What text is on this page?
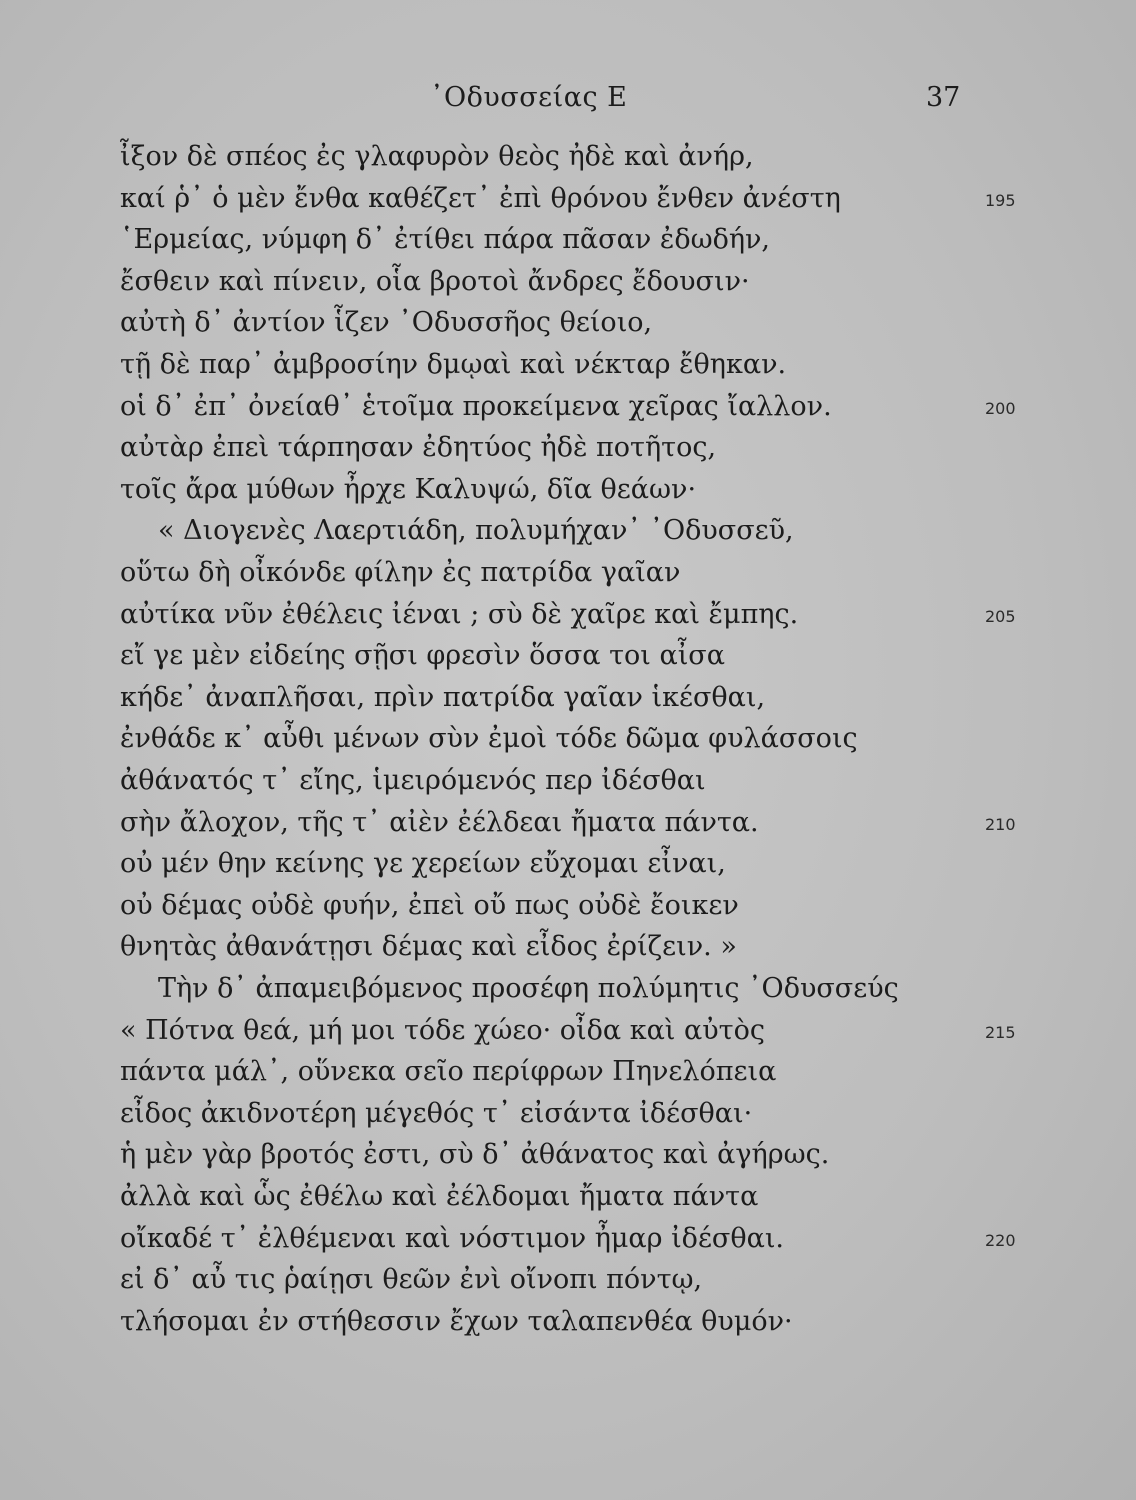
᾿Οδυσσείας Ε	37
ἶξον δὲ σπέος ἐς γλαφυρὸν θεὸς ἠδὲ καὶ ἀνήρ,
καί ῥ᾿ ὁ μὲν ἔνθα καθέζετ᾿ ἐπὶ θρόνου ἔνθεν ἀνέστη	195
῾Ερμείας, νύμφη δ᾿ ἐτίθει πάρα πᾶσαν ἐδωδήν,
ἔσθειν καὶ πίνειν, οἷα βροτοὶ ἄνδρες ἔδουσιν·
αὐτὴ δ᾿ ἀντίον ἷζεν ᾿Οδυσσῆος θείοιο,
τῇ δὲ παρ᾿ ἀμβροσίην δμῳαὶ καὶ νέκταρ ἔθηκαν.
οἱ δ᾿ ἐπ᾿ ὀνείαθ᾿ ἑτοῖμα προκείμενα χεῖρας ἴαλλον.	200
αὐτὰρ ἐπεὶ τάρπησαν ἐδητύος ἠδὲ ποτῆτος,
τοῖς ἄρα μύθων ἦρχε Καλυψώ, δῖα θεάων·
« Διογενὲς Λαερτιάδη, πολυμήχαν᾿ ᾿Οδυσσεῦ,
οὕτω δὴ οἶκόνδε φίλην ἐς πατρίδα γαῖαν
αὐτίκα νῦν ἐθέλεις ἰέναι ; σὺ δὲ χαῖρε καὶ ἔμπης.	205
εἴ γε μὲν εἰδείης σῇσι φρεσὶν ὅσσα τοι αἶσα
κήδε᾿ ἀναπλῆσαι, πρὶν πατρίδα γαῖαν ἱκέσθαι,
ἐνθάδε κ᾿ αὖθι μένων σὺν ἐμοὶ τόδε δῶμα φυλάσσοις
ἀθάνατός τ᾿ εἴης, ἱμειρόμενός περ ἰδέσθαι
σὴν ἄλοχον, τῆς τ᾿ αἰὲν ἐέλδεαι ἤματα πάντα.	210
οὐ μέν θην κείνης γε χερείων εὔχομαι εἶναι,
οὐ δέμας οὐδὲ φυήν, ἐπεὶ οὔ πως οὐδὲ ἔοικεν
θνητὰς ἀθανάτῃσι δέμας καὶ εἶδος ἐρίζειν. »
Τὴν δ᾿ ἀπαμειβόμενος προσέφη πολύμητις ᾿Οδυσσεύς
« Πότνα θεά, μή μοι τόδε χώεο· οἶδα καὶ αὐτὸς	215
πάντα μάλ᾿, οὕνεκα σεῖο περίφρων Πηνελόπεια
εἶδος ἀκιδνοτέρη μέγεθός τ᾿ εἰσάντα ἰδέσθαι·
ἡ μὲν γὰρ βροτός ἐστι, σὺ δ᾿ ἀθάνατος καὶ ἀγήρως.
ἀλλὰ καὶ ὧς ἐθέλω καὶ ἐέλδομαι ἤματα πάντα
οἴκαδέ τ᾿ ἐλθέμεναι καὶ νόστιμον ἦμαρ ἰδέσθαι.	220
εἰ δ᾿ αὖ τις ῥαίῃσι θεῶν ἐνὶ οἴνοπι πόντῳ,
τλήσομαι ἐν στήθεσσιν ἔχων ταλαπενθέα θυμόν·
